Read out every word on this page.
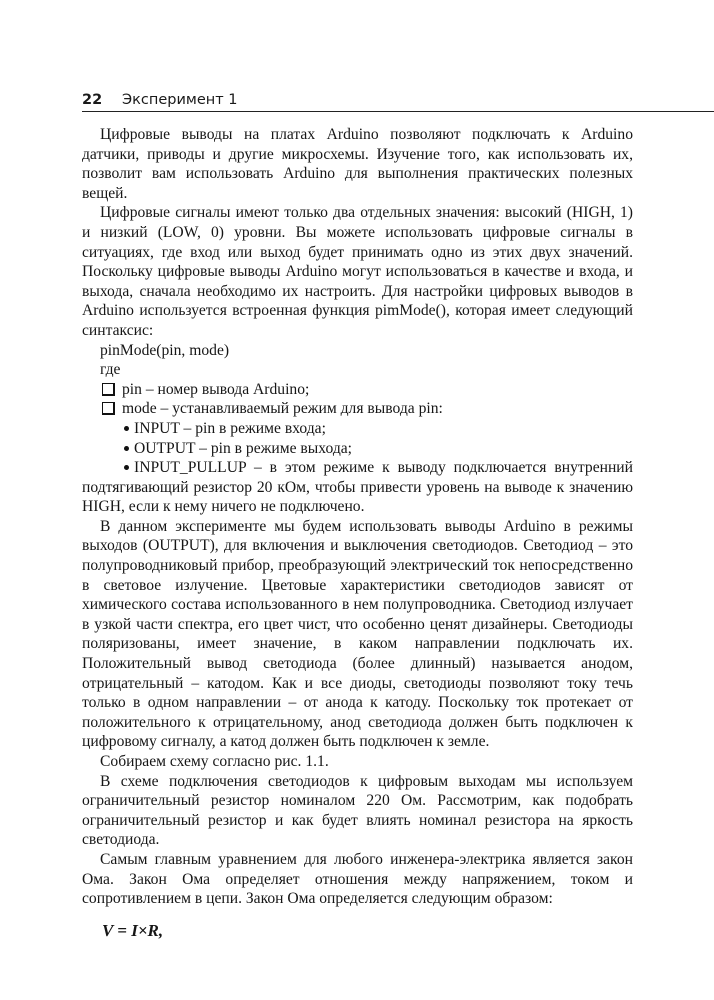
22 Эксперимент 1

Цифровые выводы на платах Arduino позволяют подключать к Arduino датчики, приводы и другие микросхемы. Изучение того, как использовать их, позволит вам использовать Arduino для выполнения практических полезных вещей.

Цифровые сигналы имеют только два отдельных значения: высокий (HIGH, 1) и низкий (LOW, 0) уровни. Вы можете использовать цифровые сигналы в ситуациях, где вход или выход будет принимать одно из этих двух значений. Поскольку цифровые выводы Arduino могут использоваться в качестве и входа, и выхода, сначала необходимо их настроить. Для настройки цифровых выводов в Arduino используется встроенная функция pimMode(), которая имеет следующий синтаксис:

pinMode(pin, mode)

где

pin – номер вывода Arduino;
mode – устанавливаемый режим для вывода pin:
INPUT – pin в режиме входа;
OUTPUT – pin в режиме выхода;

INPUT_PULLUP – в этом режиме к выводу подключается внутренний подтягивающий резистор 20 кОм, чтобы привести уровень на выводе к значению HIGH, если к нему ничего не подключено.

В данном эксперименте мы будем использовать выводы Arduino в режимы выходов (OUTPUT), для включения и выключения светодиодов. Светодиод – это полупроводниковый прибор, преобразующий электрический ток непосредственно в световое излучение. Цветовые характеристики светодиодов зависят от химического состава использованного в нем полупроводника. Светодиод излучает в узкой части спектра, его цвет чист, что особенно ценят дизайнеры. Светодиоды поляризованы, имеет значение, в каком направлении подключать их. Положительный вывод светодиода (более длинный) называется анодом, отрицательный – катодом. Как и все диоды, светодиоды позволяют току течь только в одном направлении – от анода к катоду. Поскольку ток протекает от положительного к отрицательному, анод светодиода должен быть подключен к цифровому сигналу, а катод должен быть подключен к земле.

Собираем схему согласно рис. 1.1.

В схеме подключения светодиодов к цифровым выходам мы используем ограничительный резистор номиналом 220 Ом. Рассмотрим, как подобрать ограничительный резистор и как будет влиять номинал резистора на яркость светодиода.

Самым главным уравнением для любого инженера-электрика является закон Ома. Закон Ома определяет отношения между напряжением, током и сопротивлением в цепи. Закон Ома определяется следующим образом:

V = I×R,
